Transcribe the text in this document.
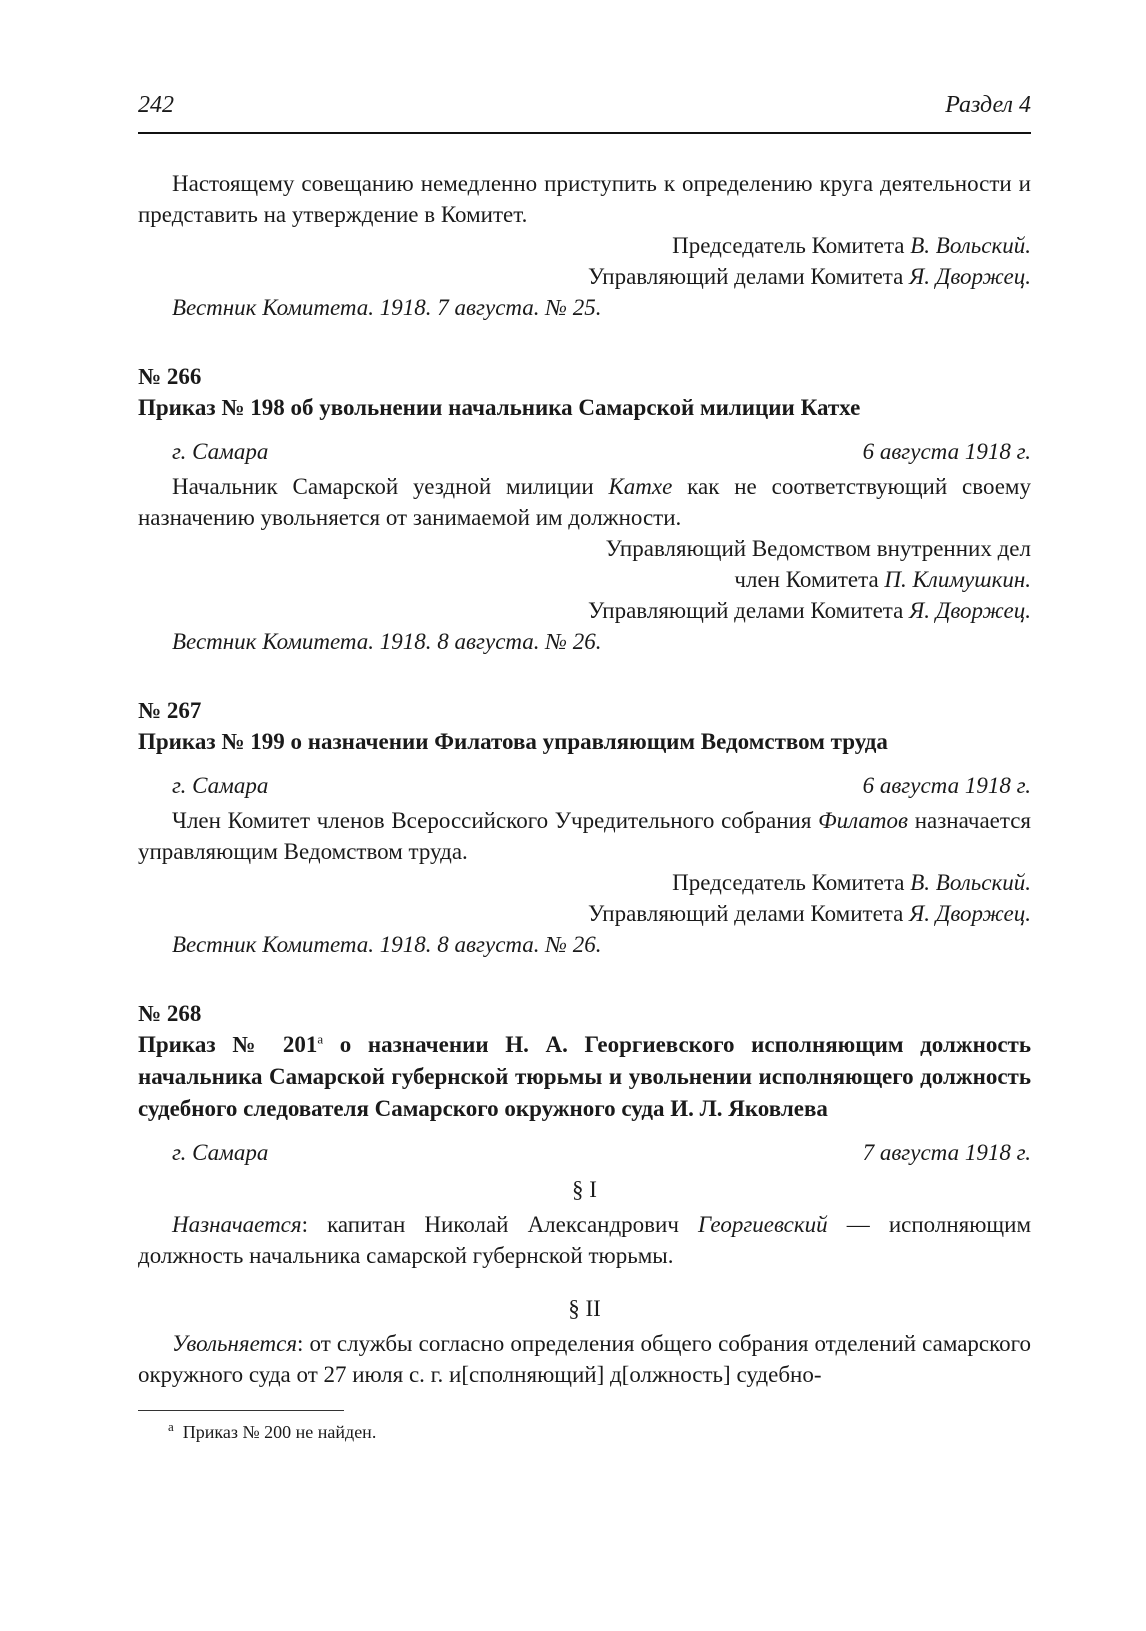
242	Раздел 4

Настоящему совещанию немедленно приступить к определению круга деятельности и представить на утверждение в Комитет.

Председатель Комитета В. Вольский.

Управляющий делами Комитета Я. Дворжец.

Вестник Комитета. 1918. 7 августа. № 25.

№ 266

Приказ № 198 об увольнении начальника Самарской милиции Катхе

г. Самара	6 августа 1918 г.

Начальник Самарской уездной милиции Катхе как не соответствующий своему назначению увольняется от занимаемой им должности.

Управляющий Ведомством внутренних дел

член Комитета П. Климушкин.

Управляющий делами Комитета Я. Дворжец.

Вестник Комитета. 1918. 8 августа. № 26.

№ 267

Приказ № 199 о назначении Филатова управляющим Ведомством труда

г. Самара	6 августа 1918 г.

Член Комитет членов Всероссийского Учредительного собрания Филатов назначается управляющим Ведомством труда.

Председатель Комитета В. Вольский.

Управляющий делами Комитета Я. Дворжец.

Вестник Комитета. 1918. 8 августа. № 26.

№ 268

Приказ № $201^а$ о назначении Н. А. Георгиевского исполняющим должность начальника Самарской губернской тюрьмы и увольнении исполняющего должность судебного следователя Самарского окружного суда И. Л. Яковлева

г. Самара	7 августа 1918 г.

§ I

Назначается: капитан Николай Александрович Георгиевский — исполняющим должность начальника самарской губернской тюрьмы.

§ II

Увольняется: от службы согласно определения общего собрания отделений самарского окружного суда от 27 июля с. г. и[сполняющий] д[олжность] судебно-

$^а$ Приказ № 200 не найден.
